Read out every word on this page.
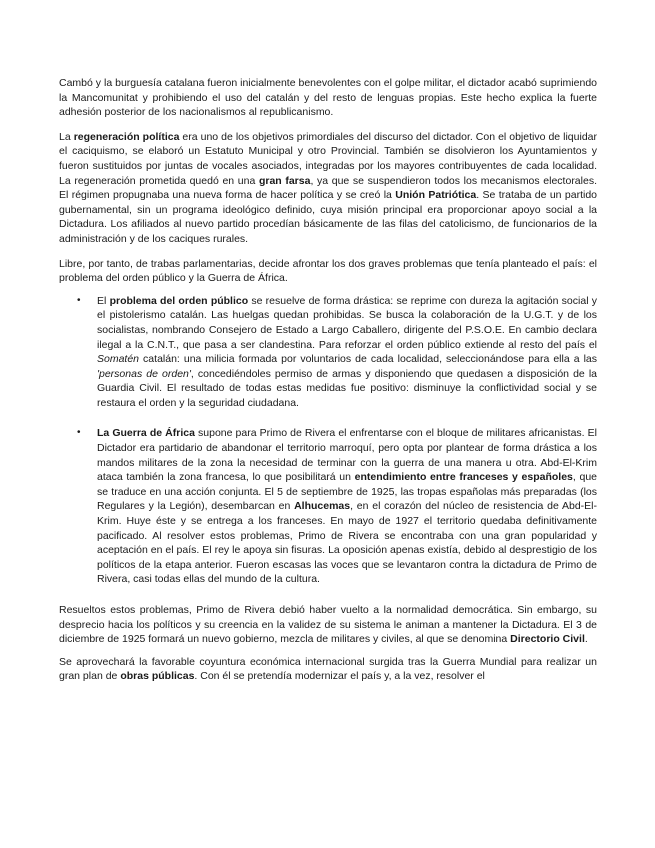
Cambó y la burguesía catalana fueron inicialmente benevolentes con el golpe militar, el dictador acabó suprimiendo la Mancomunitat y prohibiendo el uso del catalán y del resto de lenguas propias. Este hecho explica la fuerte adhesión posterior de los nacionalismos al republicanismo.

La regeneración política era uno de los objetivos primordiales del discurso del dictador. Con el objetivo de liquidar el caciquismo, se elaboró un Estatuto Municipal y otro Provincial. También se disolvieron los Ayuntamientos y fueron sustituidos por juntas de vocales asociados, integradas por los mayores contribuyentes de cada localidad. La regeneración prometida quedó en una gran farsa, ya que se suspendieron todos los mecanismos electorales. El régimen propugnaba una nueva forma de hacer política y se creó la Unión Patriótica. Se trataba de un partido gubernamental, sin un programa ideológico definido, cuya misión principal era proporcionar apoyo social a la Dictadura. Los afiliados al nuevo partido procedían básicamente de las filas del catolicismo, de funcionarios de la administración y de los caciques rurales.

Libre, por tanto, de trabas parlamentarias, decide afrontar los dos graves problemas que tenía planteado el país: el problema del orden público y la Guerra de África.

• El problema del orden público se resuelve de forma drástica: se reprime con dureza la agitación social y el pistolerismo catalán. Las huelgas quedan prohibidas. Se busca la colaboración de la U.G.T. y de los socialistas, nombrando Consejero de Estado a Largo Caballero, dirigente del P.S.O.E. En cambio declara ilegal a la C.N.T., que pasa a ser clandestina. Para reforzar el orden público extiende al resto del país el Somatén catalán: una milicia formada por voluntarios de cada localidad, seleccionándose para ella a las 'personas de orden', concediéndoles permiso de armas y disponiendo que quedasen a disposición de la Guardia Civil. El resultado de todas estas medidas fue positivo: disminuye la conflictividad social y se restaura el orden y la seguridad ciudadana.
• La Guerra de África supone para Primo de Rivera el enfrentarse con el bloque de militares africanistas. El Dictador era partidario de abandonar el territorio marroquí, pero opta por plantear de forma drástica a los mandos militares de la zona la necesidad de terminar con la guerra de una manera u otra. Abd-El-Krim ataca también la zona francesa, lo que posibilitará un entendimiento entre franceses y españoles, que se traduce en una acción conjunta. El 5 de septiembre de 1925, las tropas españolas más preparadas (los Regulares y la Legión), desembarcan en Alhucemas, en el corazón del núcleo de resistencia de Abd-El-Krim. Huye éste y se entrega a los franceses. En mayo de 1927 el territorio quedaba definitivamente pacificado. Al resolver estos problemas, Primo de Rivera se encontraba con una gran popularidad y aceptación en el país. El rey le apoya sin fisuras. La oposición apenas existía, debido al desprestigio de los políticos de la etapa anterior. Fueron escasas las voces que se levantaron contra la dictadura de Primo de Rivera, casi todas ellas del mundo de la cultura.

Resueltos estos problemas, Primo de Rivera debió haber vuelto a la normalidad democrática. Sin embargo, su desprecio hacia los políticos y su creencia en la validez de su sistema le animan a mantener la Dictadura. El 3 de diciembre de 1925 formará un nuevo gobierno, mezcla de militares y civiles, al que se denomina Directorio Civil.

Se aprovechará la favorable coyuntura económica internacional surgida tras la Guerra Mundial para realizar un gran plan de obras públicas. Con él se pretendía modernizar el país y, a la vez, resolver el
